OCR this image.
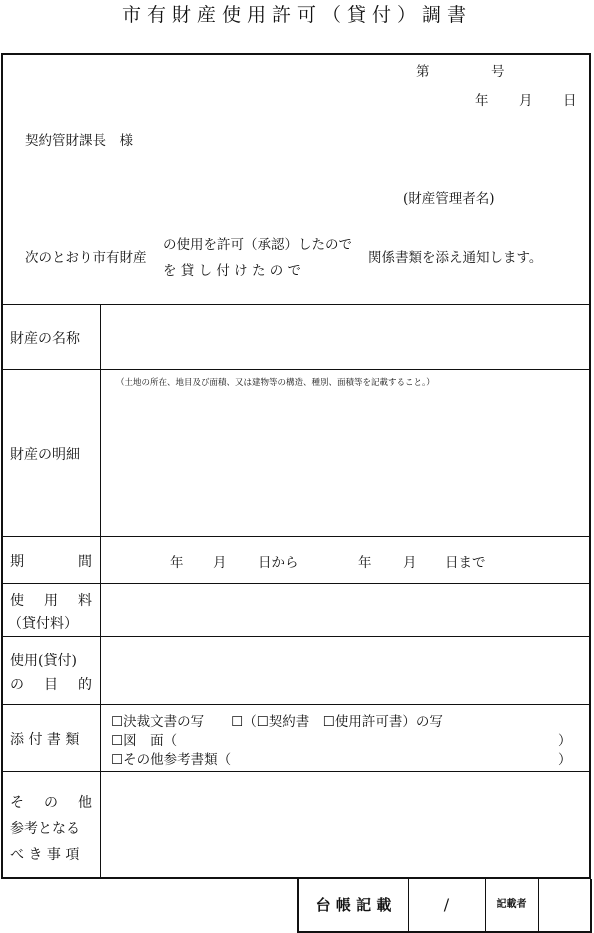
市有財産使用許可（貸付）調書
第	号
年 月 日
契約管財課長　様
(財産管理者名)
次のとおり市有財産
の使用を許可（承認）したので
を 貸 し 付 け た の で
関係書類を添え通知します。
財産の名称
財産の明細
（土地の所在、地目及び面積、又は建物等の構造、種別、面積等を記載すること。）
期	間	年 月 日から	年 月 日まで
使 用 料
（貸付料）
使用(貸付)
の 目 的
添 付 書 類
☐決裁文書の写　　☐（☐契約書　☐使用許可書）の写
☐図　面（
☐その他参考書類（
）
）
そ の 他
参考となる
べ き 事 項
台 帳 記 載	/	記載者
